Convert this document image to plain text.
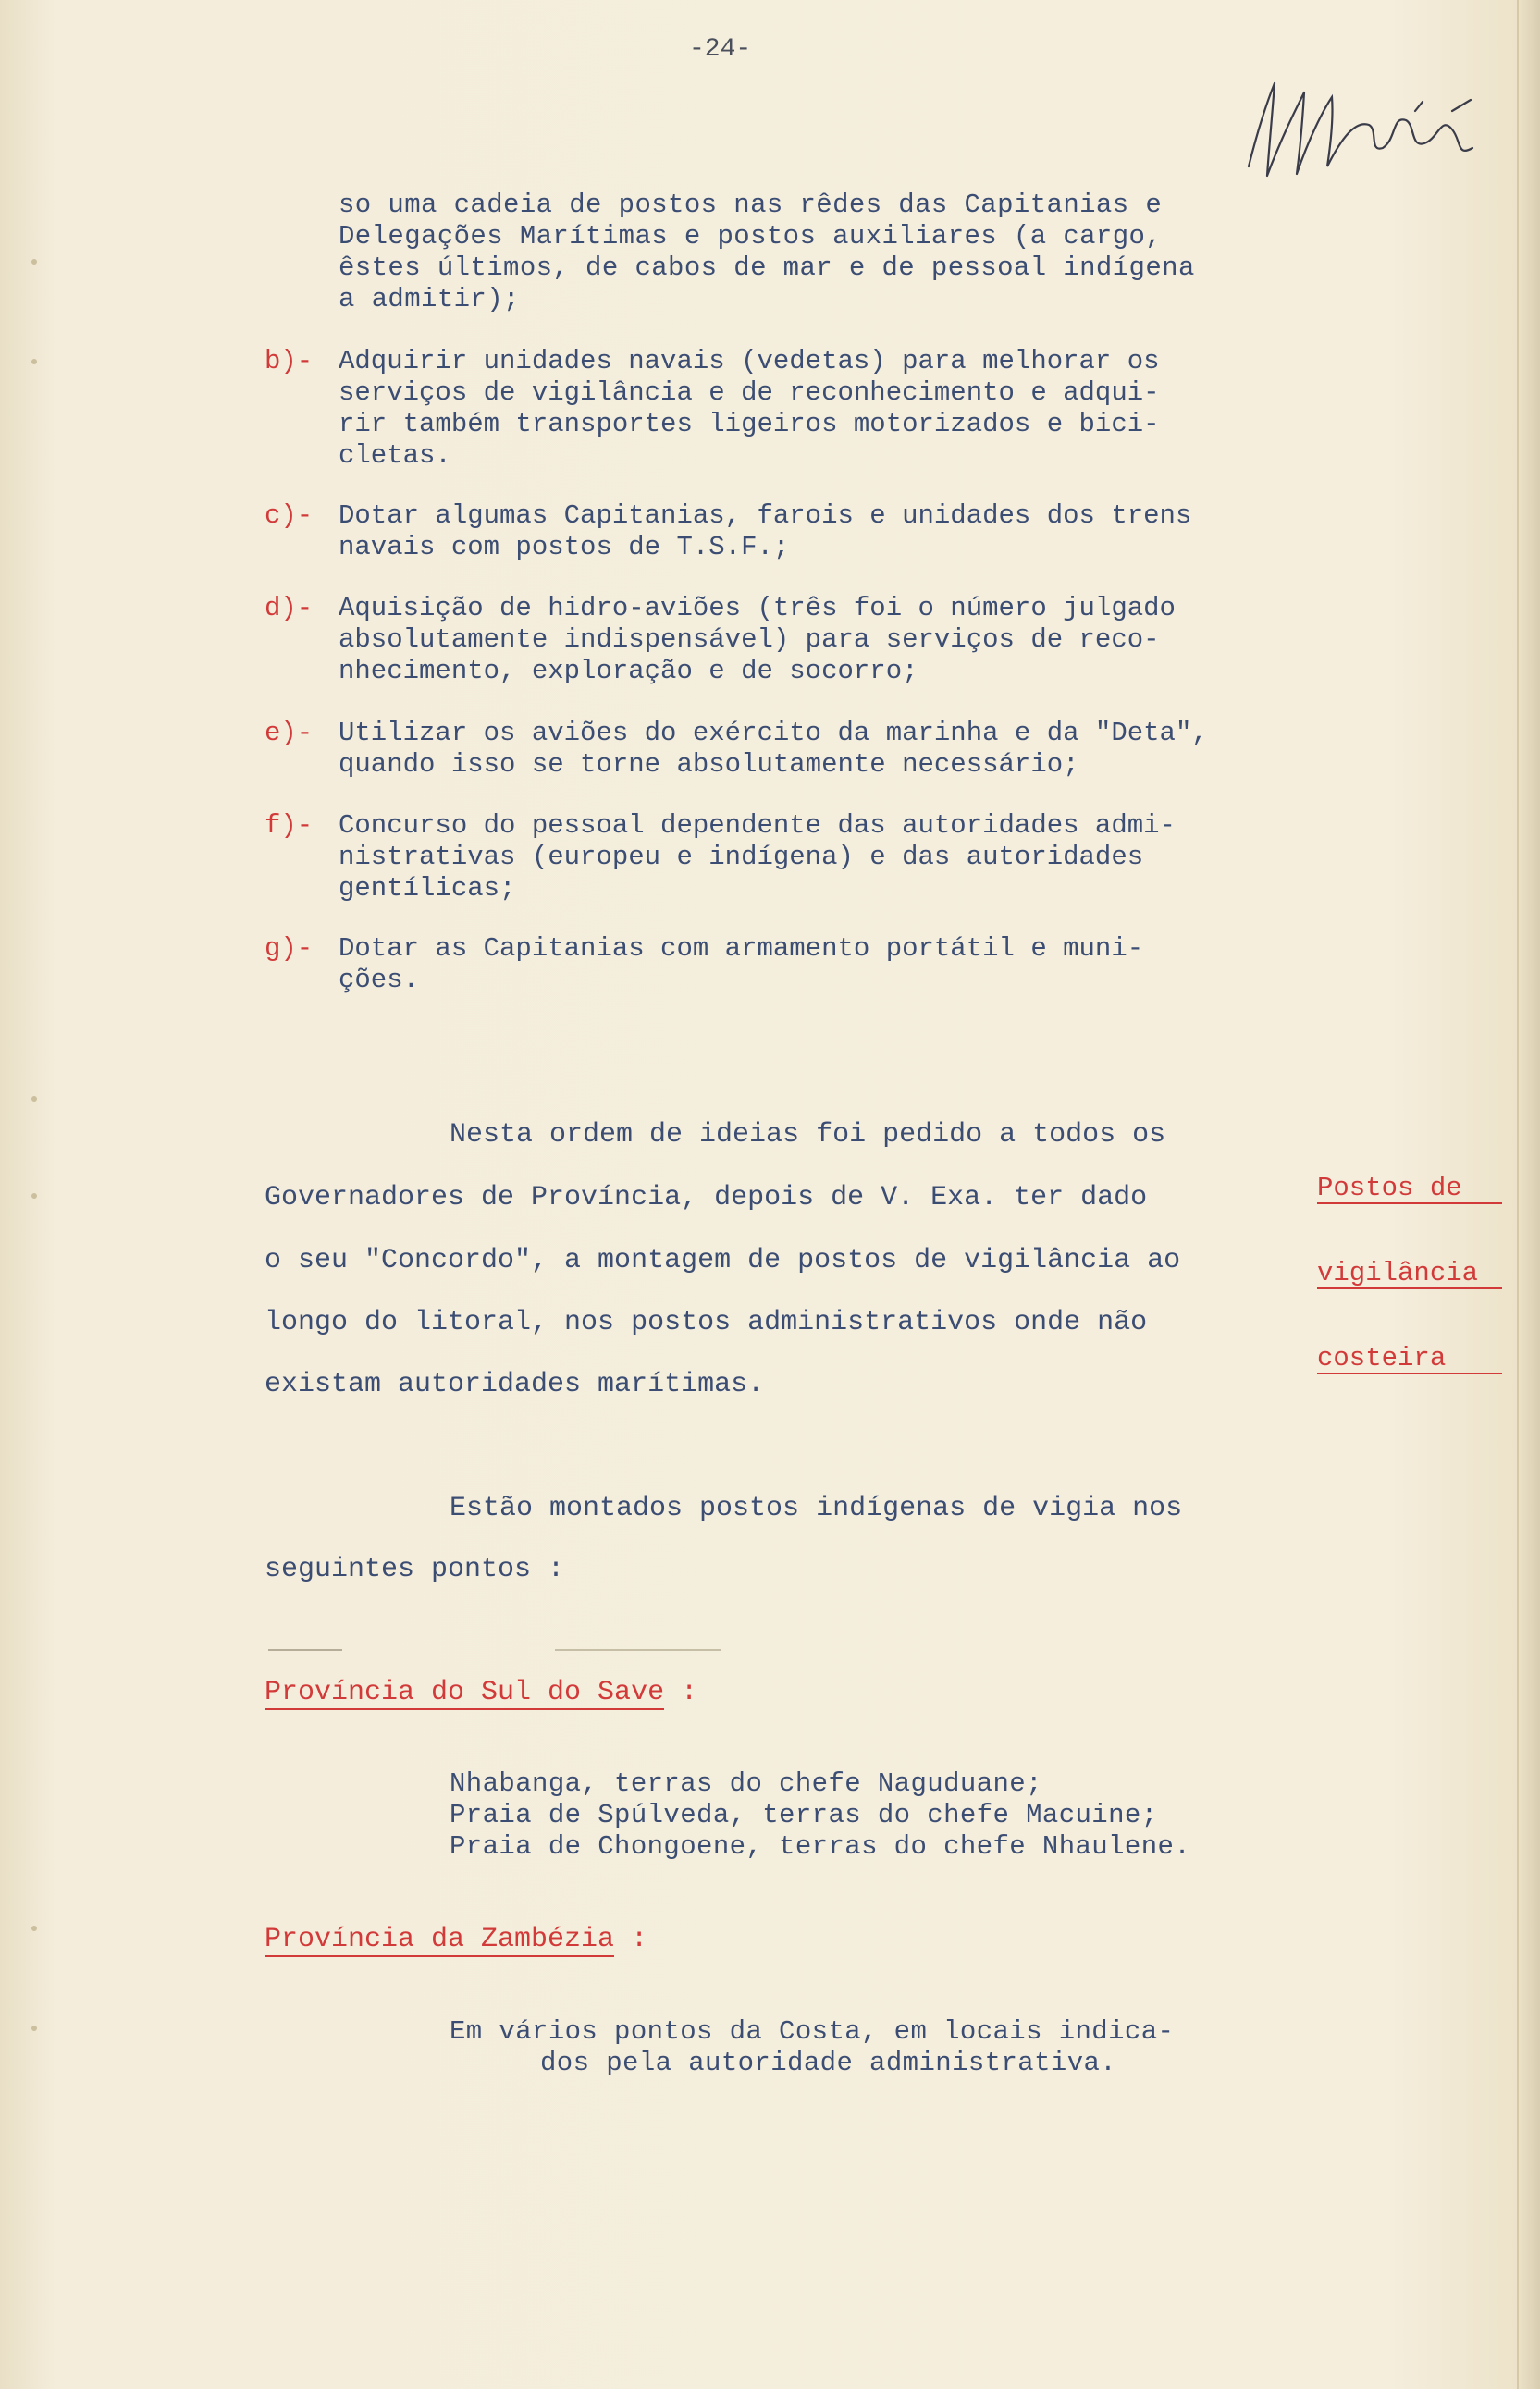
-24-
so uma cadeia de postos nas rêdes das Capitanias e
Delegações Marítimas e postos auxiliares (a cargo,
êstes últimos, de cabos de mar e de pessoal indígena
a admitir);
b)- Adquirir unidades navais (vedetas) para melhorar os
serviços de vigilância e de reconhecimento e adqui-
rir também transportes ligeiros motorizados e bici-
cletas.
c)- Dotar algumas Capitanias, farois e unidades dos trens
navais com postos de T.S.F.;
d)- Aquisição de hidro-aviões (três foi o número julgado
absolutamente indispensável) para serviços de reco-
nhecimento, exploração e de socorro;
e)- Utilizar os aviões do exército da marinha e da "Deta",
quando isso se torne absolutamente necessário;
f)- Concurso do pessoal dependente das autoridades admi-
nistrativas (europeu e indígena) e das autoridades
gentílicas;
g)- Dotar as Capitanias com armamento portátil e muni-
ções.
Nesta ordem de ideias foi pedido a todos os
Governadores de Província, depois de V. Exa. ter dado
o seu "Concordo", a montagem de postos de vigilância ao
longo do litoral, nos postos administrativos onde não
existam autoridades marítimas.

Postos de

vigilância

costeira

Estão montados postos indígenas de vigia nos
seguintes pontos :
Província do Sul do Save :
Nhabanga, terras do chefe Naguduane;
Praia de Spúlveda, terras do chefe Macuine;
Praia de Chongoene, terras do chefe Nhaulene.
Província da Zambézia :
Em vários pontos da Costa, em locais indica-
dos pela autoridade administrativa.
